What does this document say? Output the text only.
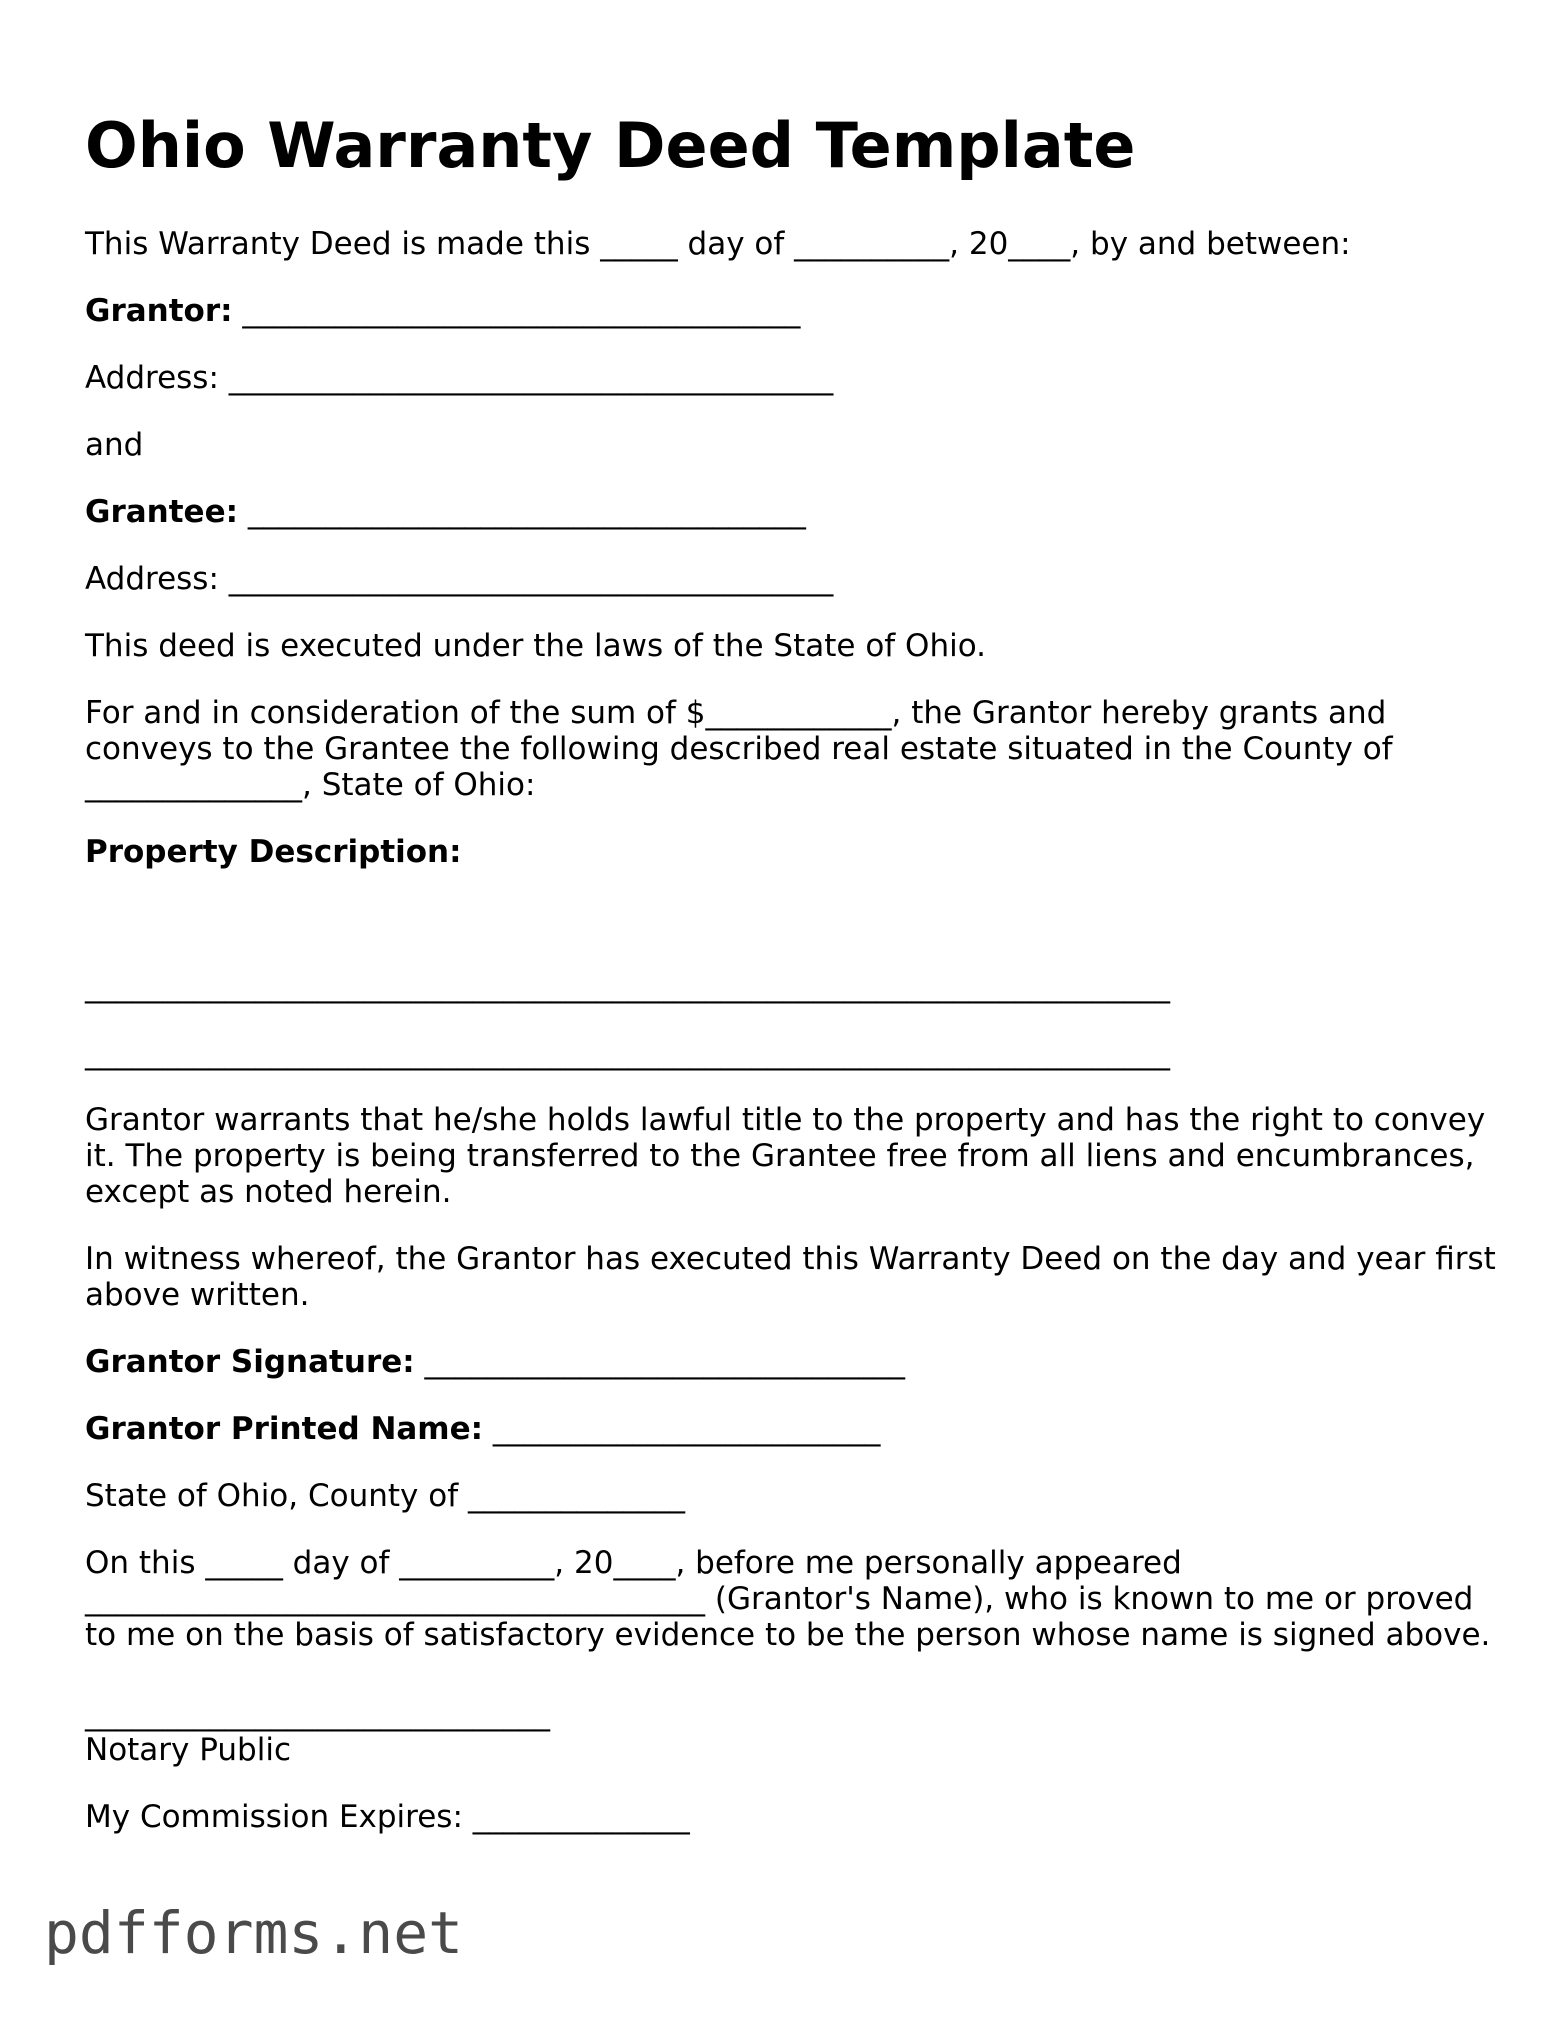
Ohio Warranty Deed Template

This Warranty Deed is made this _____ day of __________, 20____, by and between:

Grantor: ____________________________________

Address: _______________________________________

and

Grantee: ____________________________________

Address: _______________________________________

This deed is executed under the laws of the State of Ohio.

For and in consideration of the sum of $____________, the Grantor hereby grants and conveys to the Grantee the following described real estate situated in the County of ______________, State of Ohio:

Property Description:

______________________________________________________________________

______________________________________________________________________

Grantor warrants that he/she holds lawful title to the property and has the right to convey it. The property is being transferred to the Grantee free from all liens and encumbrances, except as noted herein.

In witness whereof, the Grantor has executed this Warranty Deed on the day and year first above written.

Grantor Signature: _______________________________

Grantor Printed Name: _________________________

State of Ohio, County of ______________

On this _____ day of __________, 20____, before me personally appeared ________________________________________ (Grantor's Name), who is known to me or proved to me on the basis of satisfactory evidence to be the person whose name is signed above.

______________________________

Notary Public

My Commission Expires: ______________

pdfforms.net
